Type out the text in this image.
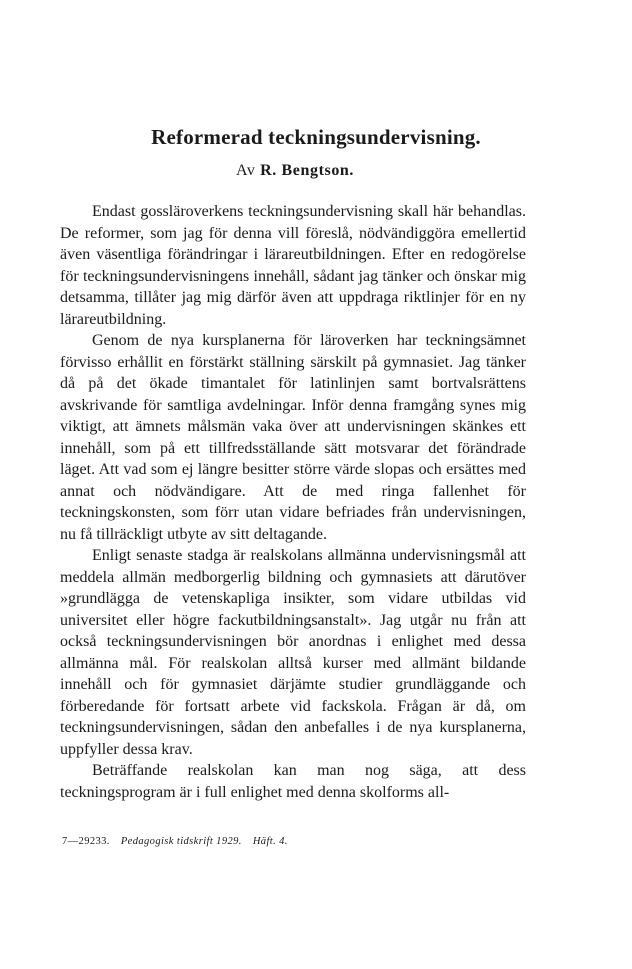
Reformerad teckningsundervisning.
Av R. Bengtson.

Endast gossläroverkens teckningsundervisning skall här behandlas. De reformer, som jag för denna vill föreslå, nödvändiggöra emellertid även väsentliga förändringar i lärareutbildningen. Efter en redogörelse för teckningsundervisningens innehåll, sådant jag tänker och önskar mig detsamma, tillåter jag mig därför även att uppdraga riktlinjer för en ny lärareutbildning.

Genom de nya kursplanerna för läroverken har teckningsämnet förvisso erhållit en förstärkt ställning särskilt på gymnasiet. Jag tänker då på det ökade timantalet för latinlinjen samt bortvalsrättens avskrivande för samtliga avdelningar. Inför denna framgång synes mig viktigt, att ämnets målsmän vaka över att undervisningen skänkes ett innehåll, som på ett tillfredsställande sätt motsvarar det förändrade läget. Att vad som ej längre besitter större värde slopas och ersättes med annat och nödvändigare. Att de med ringa fallenhet för teckningskonsten, som förr utan vidare befriades från undervisningen, nu få tillräckligt utbyte av sitt deltagande.

Enligt senaste stadga är realskolans allmänna undervisningsmål att meddela allmän medborgerlig bildning och gymnasiets att därutöver »grundlägga de vetenskapliga insikter, som vidare utbildas vid universitet eller högre fackutbildningsanstalt». Jag utgår nu från att också teckningsundervisningen bör anordnas i enlighet med dessa allmänna mål. För realskolan alltså kurser med allmänt bildande innehåll och för gymnasiet därjämte studier grundläggande och förberedande för fortsatt arbete vid fackskola. Frågan är då, om teckningsundervisningen, sådan den anbefalles i de nya kursplanerna, uppfyller dessa krav.

Beträffande realskolan kan man nog säga, att dess teckningsprogram är i full enlighet med denna skolforms all-

7—29233. Pedagogisk tidskrift 1929. Häft. 4.
